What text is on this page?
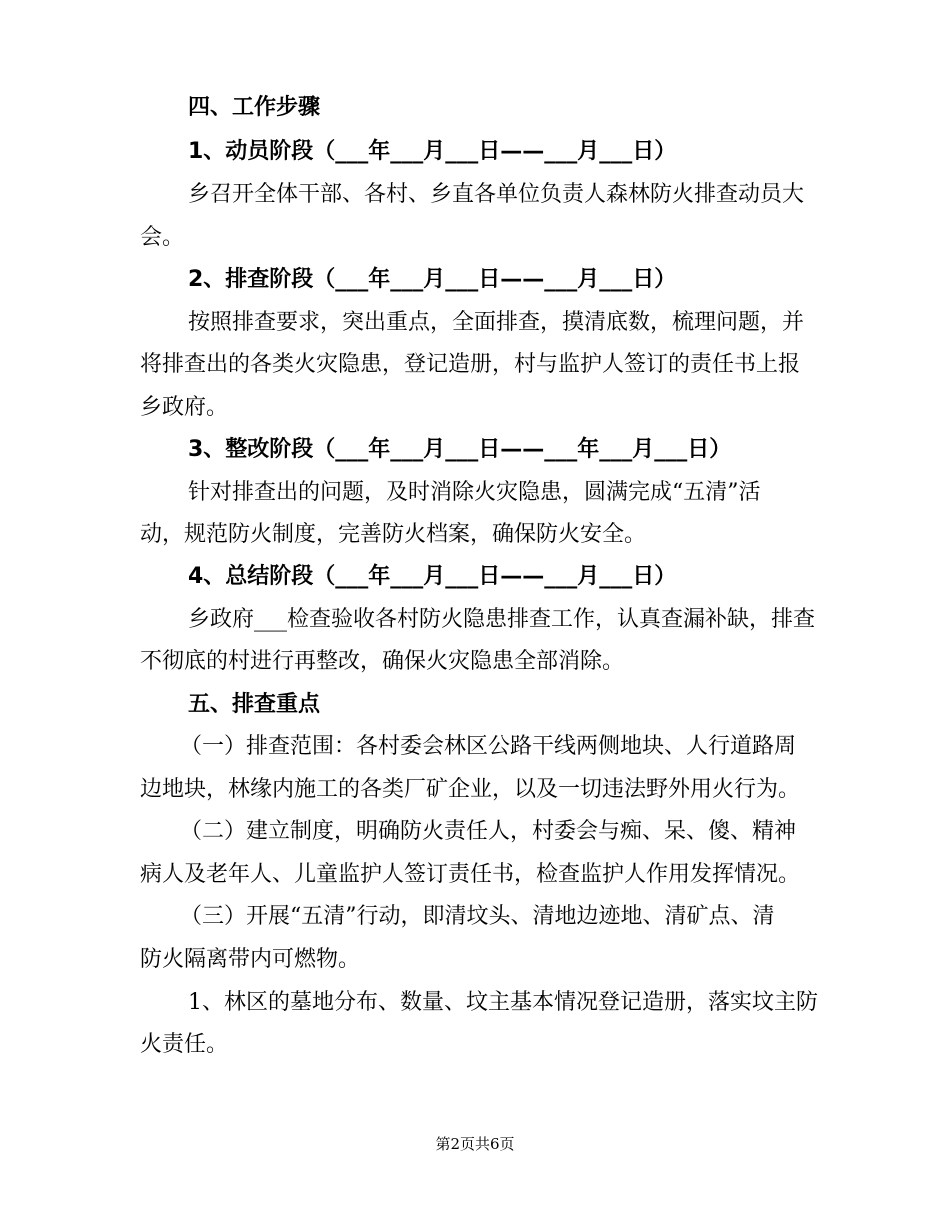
四、工作步骤
1、动员阶段（___年___月___日——___月___日）
乡召开全体干部、各村、乡直各单位负责人森林防火排查动员大
会。
2、排查阶段（___年___月___日——___月___日）
按照排查要求，突出重点，全面排查，摸清底数，梳理问题，并
将排查出的各类火灾隐患，登记造册，村与监护人签订的责任书上报
乡政府。
3、整改阶段（___年___月___日——___年___月___日）
针对排查出的问题，及时消除火灾隐患，圆满完成“五清”活
动，规范防火制度，完善防火档案，确保防火安全。
4、总结阶段（___年___月___日——___月___日）
乡政府___检查验收各村防火隐患排查工作，认真查漏补缺，排查
不彻底的村进行再整改，确保火灾隐患全部消除。
五、排查重点
（一）排查范围：各村委会林区公路干线两侧地块、人行道路周
边地块，林缘内施工的各类厂矿企业，以及一切违法野外用火行为。
（二）建立制度，明确防火责任人，村委会与痴、呆、傻、精神
病人及老年人、儿童监护人签订责任书，检查监护人作用发挥情况。
（三）开展“五清”行动，即清坟头、清地边迹地、清矿点、清
防火隔离带内可燃物。
1、林区的墓地分布、数量、坟主基本情况登记造册，落实坟主防
火责任。
第2页共6页
